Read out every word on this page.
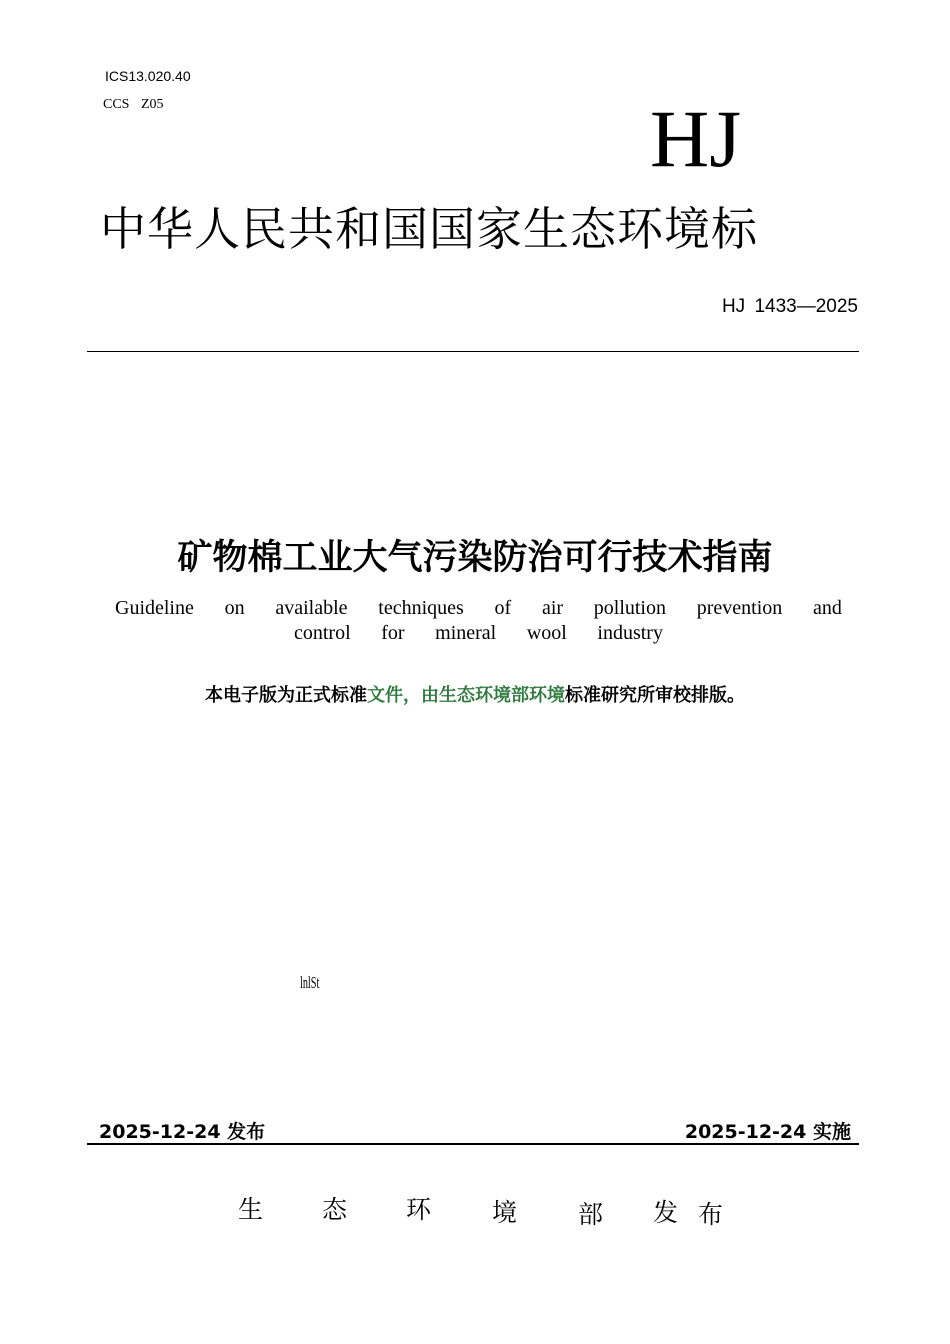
ICS13.020.40
CCS Z05	HJ
中华人民共和国国家生态环境标
HJ 1433—2025
矿物棉工业大气污染防治可行技术指南
Guideline on available techniques of air pollution prevention and
control for mineral wool industry
本电子版为正式标准文件，由生态环境部环境标准研究所审校排版。
lnlSt
2025-12-24 发布	2025-12-24 实施
生 态 环 境 部 发 布
